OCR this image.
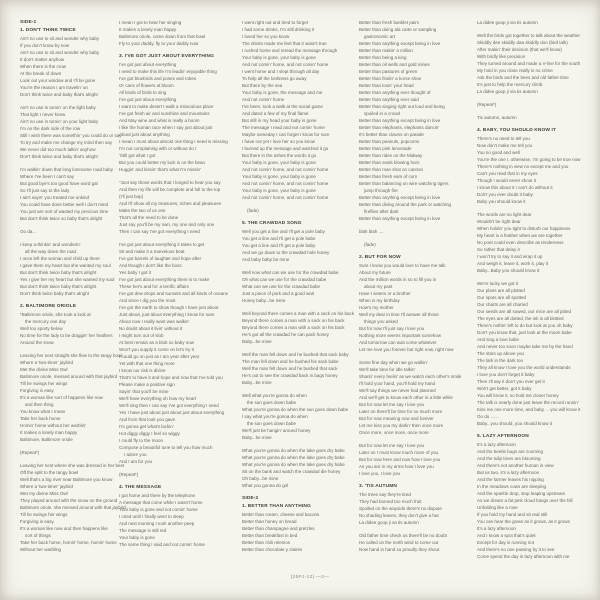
SIDE-1
1. DON'T THINK TWICE
Ain't no use to sit and wonder why baby
If you don't know by now
Ain't no use to sit and wonder why baby
It don't matter anyhow
When there is the crow
At the break of down
Look out your window and I'll be gone
You're the reason I am travelin' on
Don't think twice and baby that's alright
Ain't no use in turnin' on the light baby
That light I never knew
Ain't no use in turnin' on your light baby
I'm on the dark side of the row
Still I wish there was somethin' you could do or say
To try and make me change my mind then say
We never did too much talkin' anyhow
Don't think twice and baby that's alright
I'm walkin' down that long lonesome road baby
Where I've been I can't say
But good bye's too good have word gal
So I'll just say to the lady
I ain't sayin' you treated me unkind
You could have done better well I don't mind
You just are sort of wasted my precious time
But don't think twice so baby that's alright
Oo da...
I keep a-thinkin' and wonderin'
all the way down the road
I once left the woman and child up there
I gave them my heart but she wanted my soul
But don't think twice baby that's alright
Yes I give her my heart but she wanted my soul
But don't think twice baby that's alright
Don't think twice baby that's alright
2. BALTIMORE ORIOLE
*Baltimore oriole, she took a look at
the mercury one day
Well too sporty below
No time for the lady to be draggin' her feathers
Around the snow
Leaving her nest straight she flew to the tangy bowl
Where a 'two-timer' jaybird
Met the divine Miss Owl
Baltimore oriole, messed around with that jaybird
Till he swings her wings
Forgiving is easy
It's a woman like sort of happens like now
and then thing
You know what I mean
Take her back home
Homin' home without her warblin'
It makes a lonely man happy
Baltimore, Baltimore oriole
(Repeat*)
Leaving her nest where she was dressed in her best
Off the split to the tangy bowl
Well that's a big river near Baltimore you know
Where a 'two-timer' jaybird
Wet my divine Miss Owl
They played around with the snow on the ground
Baltimore oriole, she messed around with that jaybird
Till he swings her wings
Forgiving is easy
It's a woman like now and then happens like
sort of things
Take her back home, homin' home, homin' home
Without her warbling
I mean I got to hear her singing
It makes a lonely man happy
Baltimore oriole, come down from that bowl
Fly to your daddy, fly to your daddy now
3. I'VE GOT JUST ABOUT EVERYTHING
I've got just about everything
I need to make this life I'm leadin' enjoyable thing
I've got bluebirds and poses and robes
Or cans of flowers at bloom
All kinds of birds to sing
I've got just about everything
I want to make desert I walk a miraculous place
I've got fresh air and sunshine and mountains
And May wine and what is really a boom
I like the human race when I say just about just
About just about anything
I mean I must about almost one thing I need is missing
I'm not complaining with or without do I
'Still got what I got
But you could better my luck is on the bean
Huggin' and kissin' that's what I'm missin'
"Just say those words that I longed to hear you say
And then my life will be complete and full to the top
(I'll just bop)
And I'll show all my treasures, riches and pleasures
Make the two of us one
That's all the need to be done
Just say you'll be my own, my one and only one
Then I can say I've got everything I need
I've got just about everything it takes to get
Sit and make it a marvelous beat
I've got barrels of laughter and hope after
And though I don't like the boss
Yes baby I got it
I've got just about everything there is to make
These her's and ho' a terrific affairs
I've got dew drops and sunsets and all kinds of oceans
And since I dig you the most
I've got the earth to show though I have just about
Just about, just about everything I know for sure
About now I really want was walkin'
No doubt about it livin' without it
I might turn out of slob
At best remain as a blob so baby now
Won't you supply it come on let's try it
I could go on just as I am year after year
Yet with that one thing more
I know our risk is divine
That's to have it and hope and now that I've told you
Please make a positive sign
Sayin' that you'll be mine
We'll have everything oh how my heart
We'll sing then I can say I've got everything I need
Yes I have just about just about just about everything
And from that look you gave
I'm gonna get what's lackin'
Hot diggy diggy I feel so wiggy
I could fly to the moon
Compose a beautiful tune to tell you how much
I adore you
And I am for you
(Repeat*)
4. THE MESSAGE
I got home and there by the telephone
A message that come while I wasn't home
Your baby is gone and not comin' home
I cried until I finally went to sleep
And next morning I took another peep
The message is still red
Your baby is gone
The same thing I said and not comin' home
I went right out and tried to forget
I had some drinks, I'm still drinking it
I loved her so you know
The drinks made me feel that it wasn't true
I rushed home and reread the message through
Your baby is gone, your baby is gone
And not comin' home, and not comin' home
I went home and I slept through all day
To help all the lonliness go away
But there by the sea
Your baby is gone, the message and me
And not comin' home
I've been, took a walk at the social game
And dated a few of my final flame
But still in my head your baby is gone
The message I read and not comin' home
Maybe someday I can forget I know for sure
I have not yet I love her so you know
I burned up the message and watched it go
But there in the ashes the words it go
Your baby is gone, your baby is gone
And not comin' home, and not comin' home
Your baby is gone, your baby is gone
And not comin' home, and not comin' home
Your baby is gone, your baby is gone
And not comin' home, and not comin' home
(fade)
5. THE CRAWDAD SONG
Well you get a line and I'll get a pole baby
You get a line and I'll get a pole babe
You get a line and I'll get a pole baby
And we go down to the crawdad hole honey
And baby baby be mine
Well now what can we use for the crawdad babe
Oh what can we use for the crawdad babe
What can we use for the crawdad babe
Just a piece of pork and a good wait
Honey baby...be mine
Well beyond there comes a man with a sack on his back
Beyond there comes a man with a sack on his back
Beyond there comes a man with a sack on his back
He's got all the crawdad he can pack honey
Baby...be mine
Well the man fell down and he bushed that sack baby
The man fell down and he bushed his sack babe
Well the man fell down and he bushed that sack
He's out to see the crawdad back in bags honey
Baby...be mine
Well what you're gonna do when
the sun goes down babe
What you're gonna do when the sun goes down babe
I say what you're gonna do when
the sun goes down babe
We'll just be hangin' around honey
Baby...be mine
What you're gonna do when the lake goes dry babe
What you're gonna do when the lake goes dry babe
What you're gonna do when the lake goes dry babe
Sit on the bank and watch the crawdad die honey
Oh baby...be mine
What you gonna do girl
SIDE-2
1. BETTER THAN ANYTHING
Better than cream, cheese and bacons
Better than honey on bread
Better than champagne and pretzles
Better than breakfast in bed
Better than chili relenios
Better than chocolate y claires
Better than fresh banklet pairs
Better than doing ala carte or sampling
gastronomic art
Better than anything except being in love
Better than makin' a million
Better than being a king
Better than oil wells and gold mines
Better than pastures of green
Better than findin' a horse shoe
Better than losin' your head
Better than anything ever thought of
Better than anything ever said
Better than singing right out loud and being
spoiled in a crowd
Better than anything except being in love
Better than elephants, elephants dancin'
It's better than clowns on parade
Better than peanuts, popcorns
Better than pink lemonade
Better than rides on the Midway
Better than seals blowing horn
Better than man shot on cannon
Better than fresh ears of corn
Better than balancing on wire watching tigers
jump through fire
Better than anything except being in love
Better than diving around the park or watching
fireflies after dark
Better than anything except being in love
blah blah ....
(fade)
2. BUT FOR NOW
Sure I know you would love to have me talk
About my future
And the million words in so to fill you in
about my past
Have I sisters or a brother
When is my birthday
How's my mother
Well my dear in time I'll answer all those
things you asked
But for now I'll just say I love you
Nothing more seems important somehow
And tomorrow can wait come whatever
Let me love you forever but right now, right now
Some fine day when we go walkin'
We'll take time for idle talkin'
Sharin' every feelin' as we watch each other's smile
I'll hold your hand, you'll hold my hand
We'll say things we never had planned
And we'll get to know each other in a little while
But for now let me say I love you
Later on there'll be time for so much more
But for now meaning now and forever
Let me kiss you my darlin' then once more
Once more, once more, once more
But for now let me say I love you
Later on I must know much more of you
But for now here and now how I love you
As you are in my arms how I love you
I love you, I love you
3. 'TIS AUTUMN
The trees say they're tired
They had borned too much fruit
Spoiled on the wayside there's no dispute
No shading leaves, they don't give a hut
La didee goop ji va tis autumn
Old father time check us there'll be no doubt
He called on the north wind to come out
Now hand in hand so proudly they shout
La didee goop ji via tis autumn
Well the birds got together to talk about the weather
Skiddly dee skiddly daa skiddly doo (bird talk)
After makin' their decision (that we'll know)
With birdly like precision
They turned around and made a V-line for the south
My hold in you close really is no crime
Ask the birds and the bees and old father time
It's just to help the mercury climb
La didee goop ji via tis autumn
(Repeat*)
Tis autumn, autumn
4. BABY, YOU SHOULD KNOW IT
There's no need to tell you
Now don't make me tell you
You no good and well
You're the one I, otherwise, I'm going to be true now
There's nothing in view no except me and you
Can't you read that in my eyes
Though I would never shout it
I know this about it I can't do without it
Don't you ever doubt it baby
Baby you should know it
The words are so light dear
Wouldn't be right dear
When holdin' you tight to disturb our happiness
My heart is a feather when we are together
No poet could even describe as tenderness
So rather that delay it
I won't try to say it and wrap it up
And weigh it, leave it, work it, play it
Baby...Baby you should know it
We're lucky we got it
Our plans are all plotted
Our spots are all spotted
Our charts are all charted
Our seeds are all sowed, our mice are all pitted
The eyes are all dotted, the ink is all blotted
There's nothin' left to do but look at you oh baby
Don't you know that, just look at the moon babe
And sing a love babe
And never too soon maybe take me by the hand
The stars up above you
The lark in the dark too
They all know I love you the world understands
I love you don't forget it baby
Then I'll say it don't you ever get it
Won't get better, got it baby
You will know it, so hold me closer honey
The talk is nearly done just leave the record runnin'
Kiss me one more time, and baby ... you will know it
Oo du ......
Baby...you should, you should know it
5. LAZY AFTERNOON
It's a lazy afternoon
And the beetle bugs are zooming
And the tulip trees are blooming
And there's not another human in view
But us two, it's a lazy afternoon
And the farmer leaves his nipping
In the meadows cows are sleeping
And the sparkle drop, stop leaping upstream
As we dream a fat pink cloud hangs over the hill
Unfolding like a rose
If you hold my hand and sit real still
You can hear the grass as it grows, as it grows
It's a lazy afternoon
And I know a spot that's quiet
Except for day is running riot
And there's no one passing by it to see
Come spend the day in lazy afternoon with me
(25PJ-12) —2—
